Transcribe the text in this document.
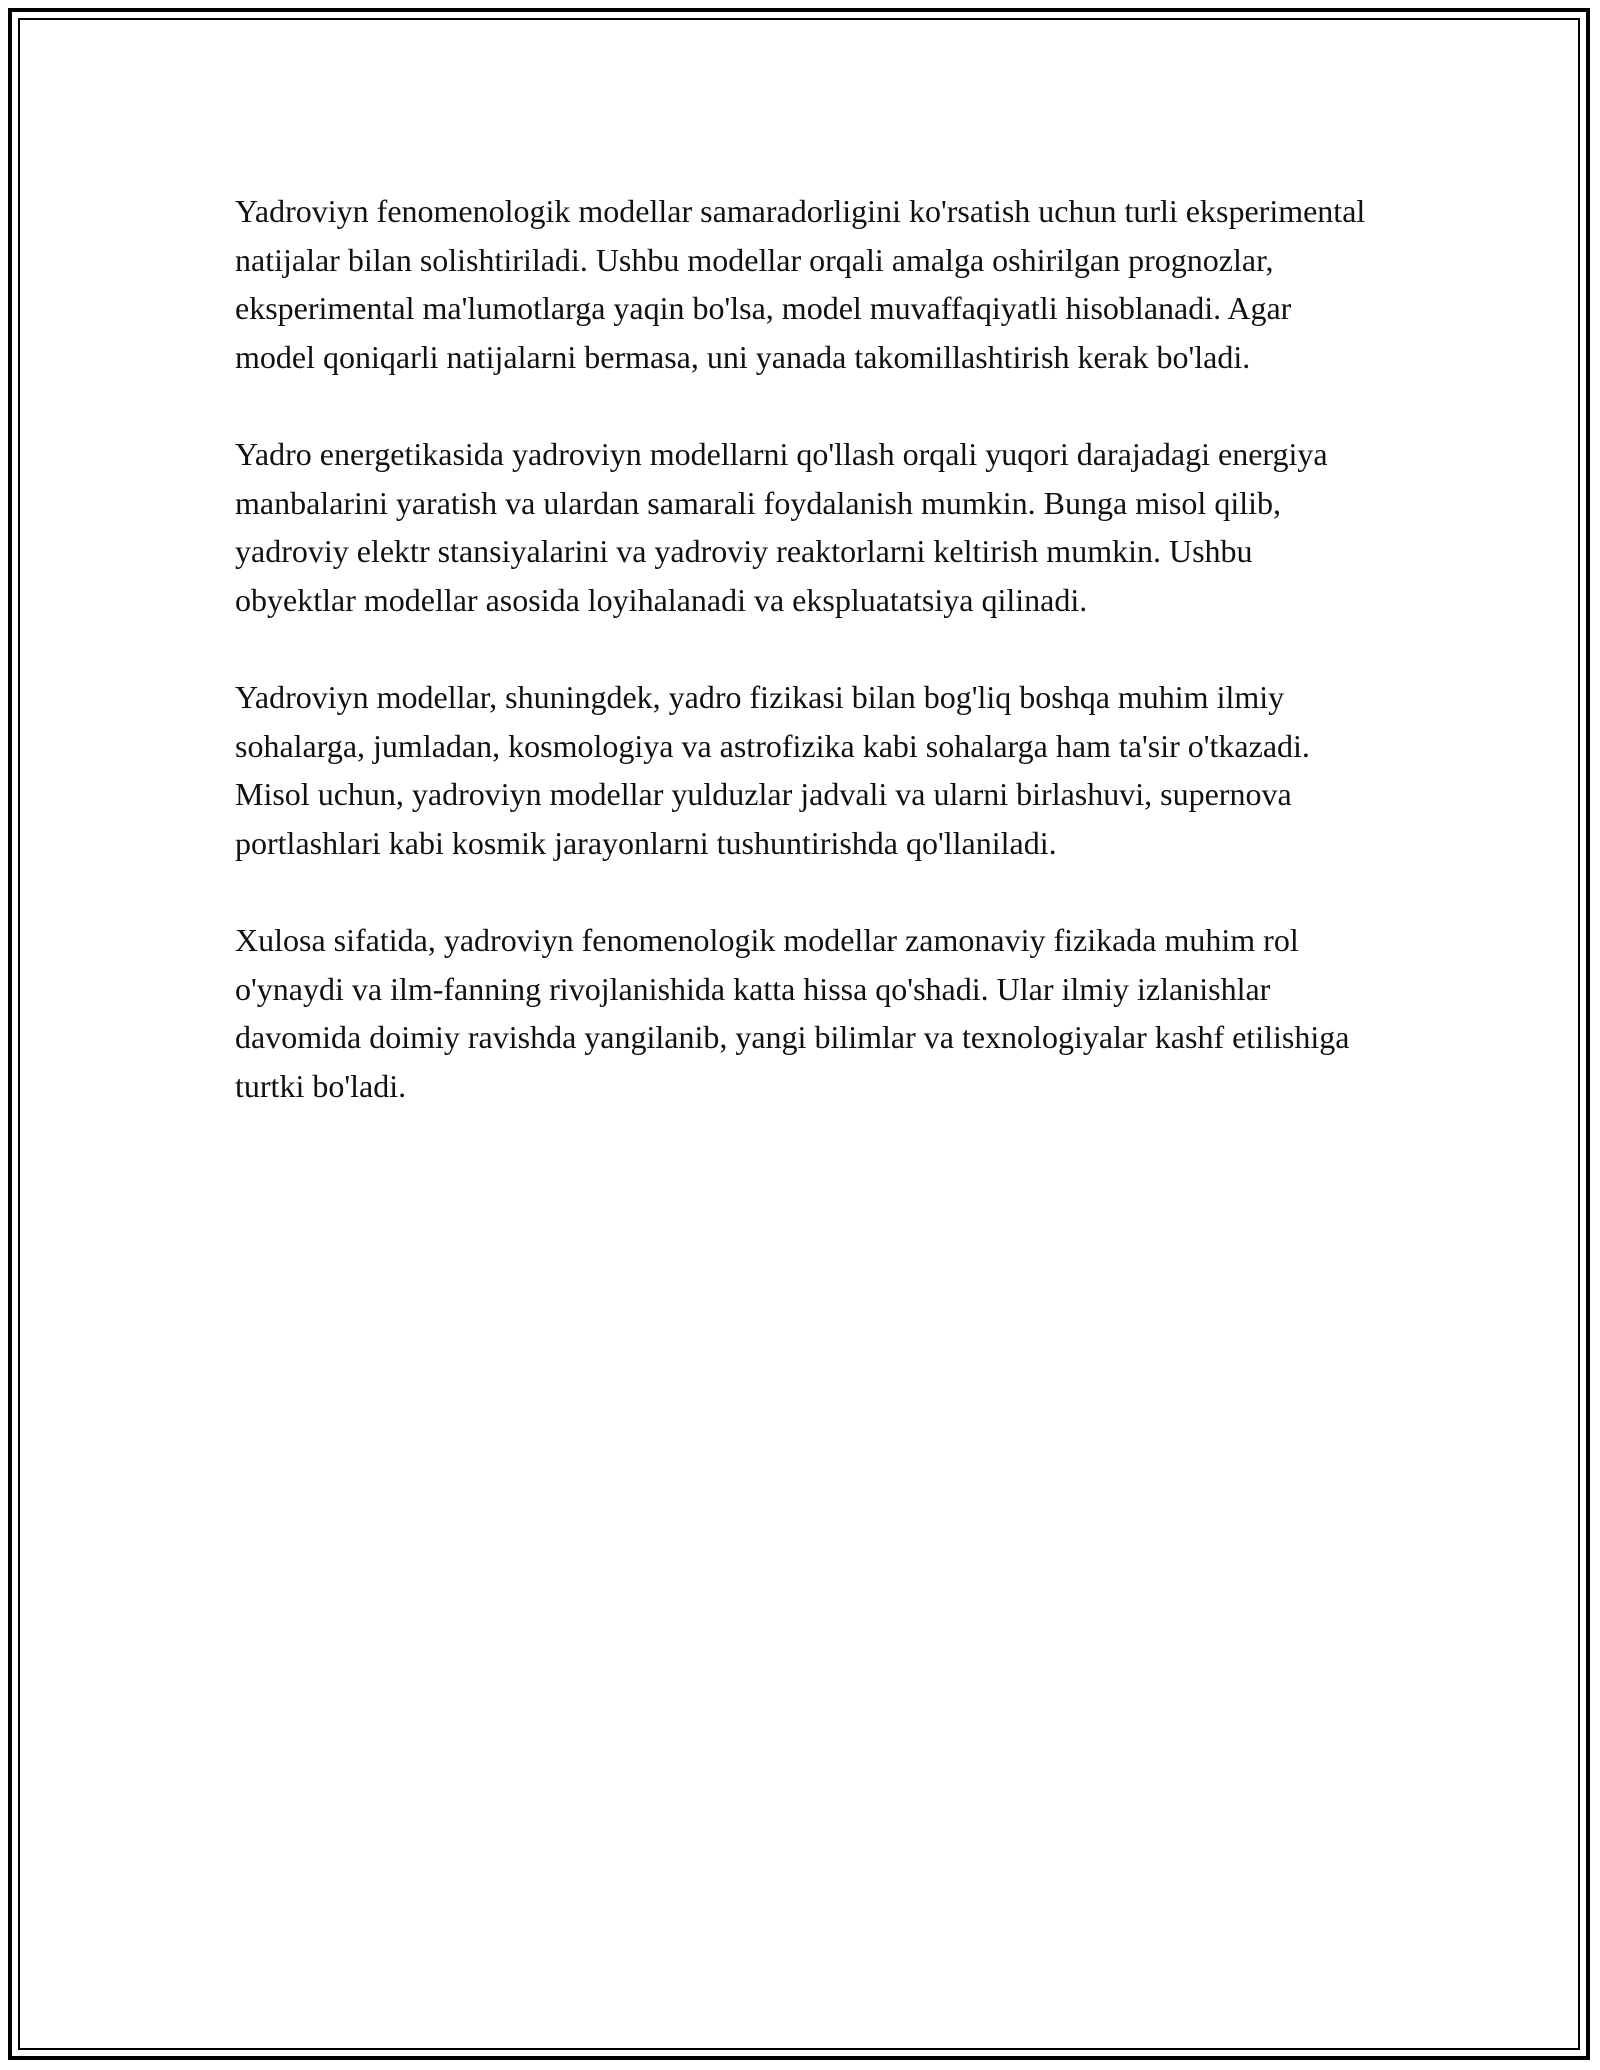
Yadroviyn fenomenologik modellar samaradorligini ko'rsatish uchun turli eksperimental natijalar bilan solishtiriladi. Ushbu modellar orqali amalga oshirilgan prognozlar, eksperimental ma'lumotlarga yaqin bo'lsa, model muvaffaqiyatli hisoblanadi. Agar model qoniqarli natijalarni bermasa, uni yanada takomillashtirish kerak bo'ladi.

Yadro energetikasida yadroviyn modellarni qo'llash orqali yuqori darajadagi energiya manbalarini yaratish va ulardan samarali foydalanish mumkin. Bunga misol qilib, yadroviy elektr stansiyalarini va yadroviy reaktorlarni keltirish mumkin. Ushbu obyektlar modellar asosida loyihalanadi va ekspluatatsiya qilinadi.

Yadroviyn modellar, shuningdek, yadro fizikasi bilan bog'liq boshqa muhim ilmiy sohalarga, jumladan, kosmologiya va astrofizika kabi sohalarga ham ta'sir o'tkazadi. Misol uchun, yadroviyn modellar yulduzlar jadvali va ularni birlashuvi, supernova portlashlari kabi kosmik jarayonlarni tushuntirishda qo'llaniladi.

Xulosa sifatida, yadroviyn fenomenologik modellar zamonaviy fizikada muhim rol o'ynaydi va ilm-fanning rivojlanishida katta hissa qo'shadi. Ular ilmiy izlanishlar davomida doimiy ravishda yangilanib, yangi bilimlar va texnologiyalar kashf etilishiga turtki bo'ladi.
